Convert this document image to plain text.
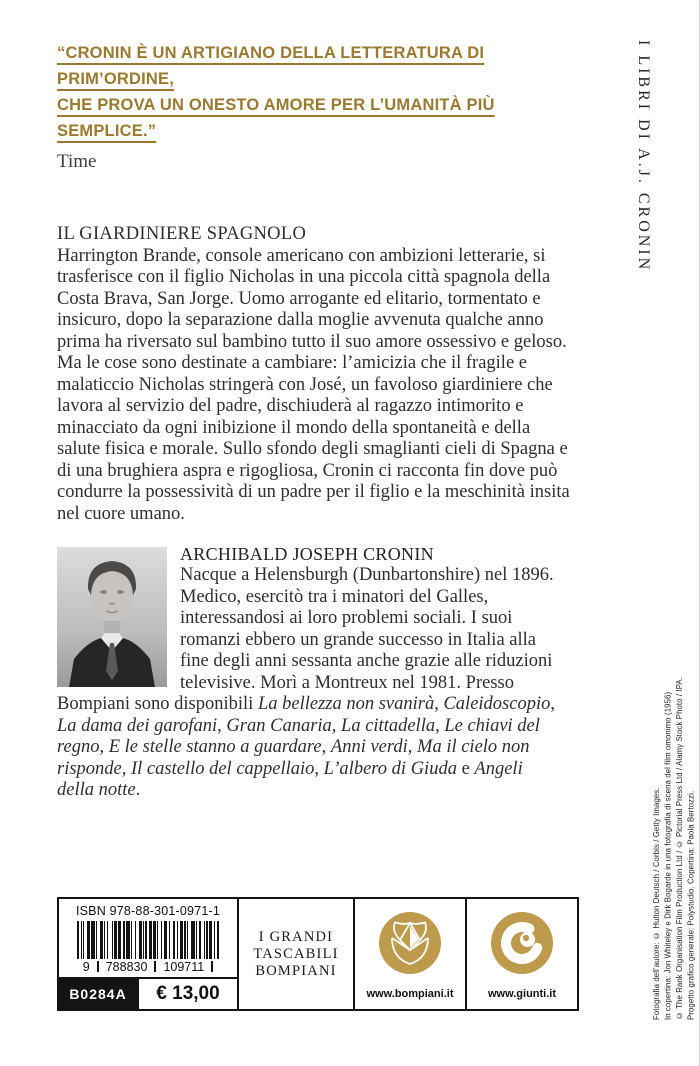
“CRONIN È UN ARTIGIANO DELLA LETTERATURA DI PRIM’ORDINE,
CHE PROVA UN ONESTO AMORE PER L’UMANITÀ PIÙ SEMPLICE.”
Time	I LIBRI DI A.J. CRONIN
IL GIARDINIERE SPAGNOLO

Harrington Brande, console americano con ambizioni letterarie, si trasferisce con il figlio Nicholas in una piccola città spagnola della Costa Brava, San Jorge. Uomo arrogante ed elitario, tormentato e insicuro, dopo la separazione dalla moglie avvenuta qualche anno prima ha riversato sul bambino tutto il suo amore ossessivo e geloso. Ma le cose sono destinate a cambiare: l’amicizia che il fragile e malaticcio Nicholas stringerà con José, un favoloso giardiniere che lavora al servizio del padre, dischiuderà al ragazzo intimorito e minacciato da ogni inibizione il mondo della spontaneità e della salute fisica e morale. Sullo sfondo degli smaglianti cieli di Spagna e di una brughiera aspra e rigogliosa, Cronin ci racconta fin dove può condurre la possessività di un padre per il figlio e la meschinità insita nel cuore umano.

ARCHIBALD JOSEPH CRONIN

Nacque a Helensburgh (Dunbartonshire) nel 1896. Medico, esercitò tra i minatori del Galles, interessandosi ai loro problemi sociali. I suoi romanzi ebbero un grande successo in Italia alla fine degli anni sessanta anche grazie alle riduzioni televisive. Morì a Montreux nel 1981. Presso Bompiani sono disponibili La bellezza non svanirà, Caleidoscopio, La dama dei garofani, Gran Canaria, La cittadella, Le chiavi del regno, E le stelle stanno a guardare, Anni verdi, Ma il cielo non risponde, Il castello del cappellaio, L’albero di Giuda e Angeli della notte.

ISBN 978-88-301-0971-1
9 788830 109711
B0284A	€ 13,00
I GRANDI
TASCABILI
BOMPIANI
www.bompiani.it	www.giunti.it	Fotografia dell’autore: © Hulton Deutsch / Corbis / Getty Images. In copertina: Jon Whiteley e Dirk Bogarde in una fotografia di scena del film omonimo (1956) © The Rank Organisation Film Production Ltd / © Pictorial Press Ltd / Alamy Stock Photo / IPA. Progetto grafico generale: Polystudio. Copertina: Paola Bertozzi.
